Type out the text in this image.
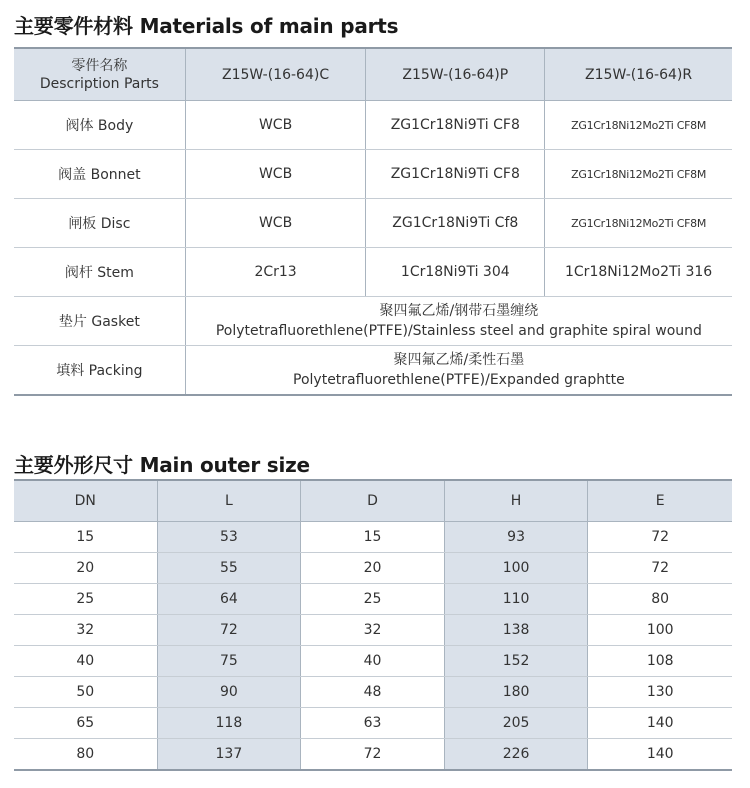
主要零件材料 Materials of main parts
零件名称
Description Parts	Z15W-(16-64)C	Z15W-(16-64)P	Z15W-(16-64)R
阀体 Body	WCB	ZG1Cr18Ni9Ti CF8	ZG1Cr18Ni12Mo2Ti CF8M
阀盖 Bonnet	WCB	ZG1Cr18Ni9Ti CF8	ZG1Cr18Ni12Mo2Ti CF8M
闸板 Disc	WCB	ZG1Cr18Ni9Ti Cf8	ZG1Cr18Ni12Mo2Ti CF8M
阀杆 Stem	2Cr13	1Cr18Ni9Ti 304	1Cr18Ni12Mo2Ti 316
垫片 Gasket	聚四氟乙烯/钢带石墨缠绕
Polytetrafluorethlene(PTFE)/Stainless steel and graphite spiral wound		

填料 Packing	聚四氟乙烯/柔性石墨
Polytetrafluorethlene(PTFE)/Expanded graphtte		
主要外形尺寸 Main outer size
DN	L	D	H	E
15	53	15	93	72
20	55	20	100	72
25	64	25	110	80
32	72	32	138	100
40	75	40	152	108
50	90	48	180	130
65	118	63	205	140
80	137	72	226	140
